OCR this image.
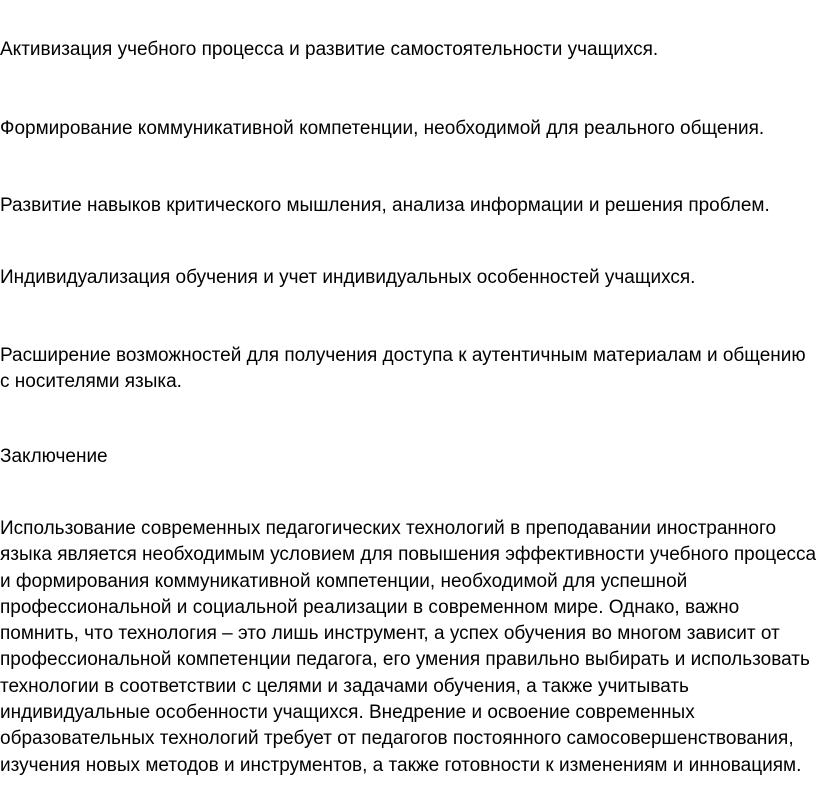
Активизация учебного процесса и развитие самостоятельности учащихся.

Формирование коммуникативной компетенции, необходимой для реального общения.

Развитие навыков критического мышления, анализа информации и решения проблем.

Индивидуализация обучения и учет индивидуальных особенностей учащихся.

Расширение возможностей для получения доступа к аутентичным материалам и общению
с носителями языка.

Заключение

Использование современных педагогических технологий в преподавании иностранного
языка является необходимым условием для повышения эффективности учебного процесса
и формирования коммуникативной компетенции, необходимой для успешной
профессиональной и социальной реализации в современном мире. Однако, важно
помнить, что технология – это лишь инструмент, а успех обучения во многом зависит от
профессиональной компетенции педагога, его умения правильно выбирать и использовать
технологии в соответствии с целями и задачами обучения, а также учитывать
индивидуальные особенности учащихся. Внедрение и освоение современных
образовательных технологий требует от педагогов постоянного самосовершенствования,
изучения новых методов и инструментов, а также готовности к изменениям и инновациям.
